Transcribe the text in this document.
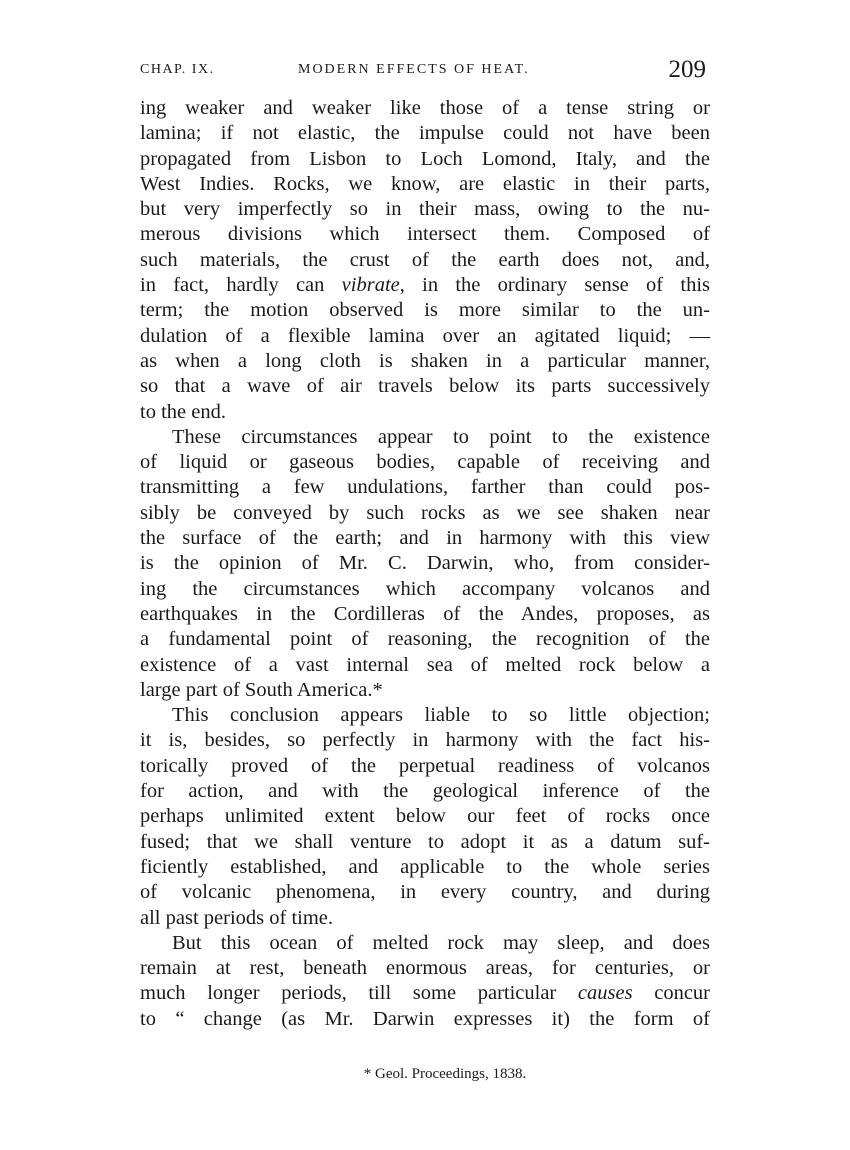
CHAP. IX.	MODERN EFFECTS OF HEAT.	209
ing weaker and weaker like those of a tense string or
lamina; if not elastic, the impulse could not have been
propagated from Lisbon to Loch Lomond, Italy, and the
West Indies. Rocks, we know, are elastic in their parts,
but very imperfectly so in their mass, owing to the nu-
merous divisions which intersect them. Composed of
such materials, the crust of the earth does not, and,
in fact, hardly can vibrate, in the ordinary sense of this
term; the motion observed is more similar to the un-
dulation of a flexible lamina over an agitated liquid; —
as when a long cloth is shaken in a particular manner,
so that a wave of air travels below its parts successively
to the end.
These circumstances appear to point to the existence
of liquid or gaseous bodies, capable of receiving and
transmitting a few undulations, farther than could pos-
sibly be conveyed by such rocks as we see shaken near
the surface of the earth; and in harmony with this view
is the opinion of Mr. C. Darwin, who, from consider-
ing the circumstances which accompany volcanos and
earthquakes in the Cordilleras of the Andes, proposes, as
a fundamental point of reasoning, the recognition of the
existence of a vast internal sea of melted rock below a
large part of South America.*
This conclusion appears liable to so little objection;
it is, besides, so perfectly in harmony with the fact his-
torically proved of the perpetual readiness of volcanos
for action, and with the geological inference of the
perhaps unlimited extent below our feet of rocks once
fused; that we shall venture to adopt it as a datum suf-
ficiently established, and applicable to the whole series
of volcanic phenomena, in every country, and during
all past periods of time.
But this ocean of melted rock may sleep, and does
remain at rest, beneath enormous areas, for centuries, or
much longer periods, till some particular causes concur
to “ change (as Mr. Darwin expresses it) the form of
* Geol. Proceedings, 1838.
